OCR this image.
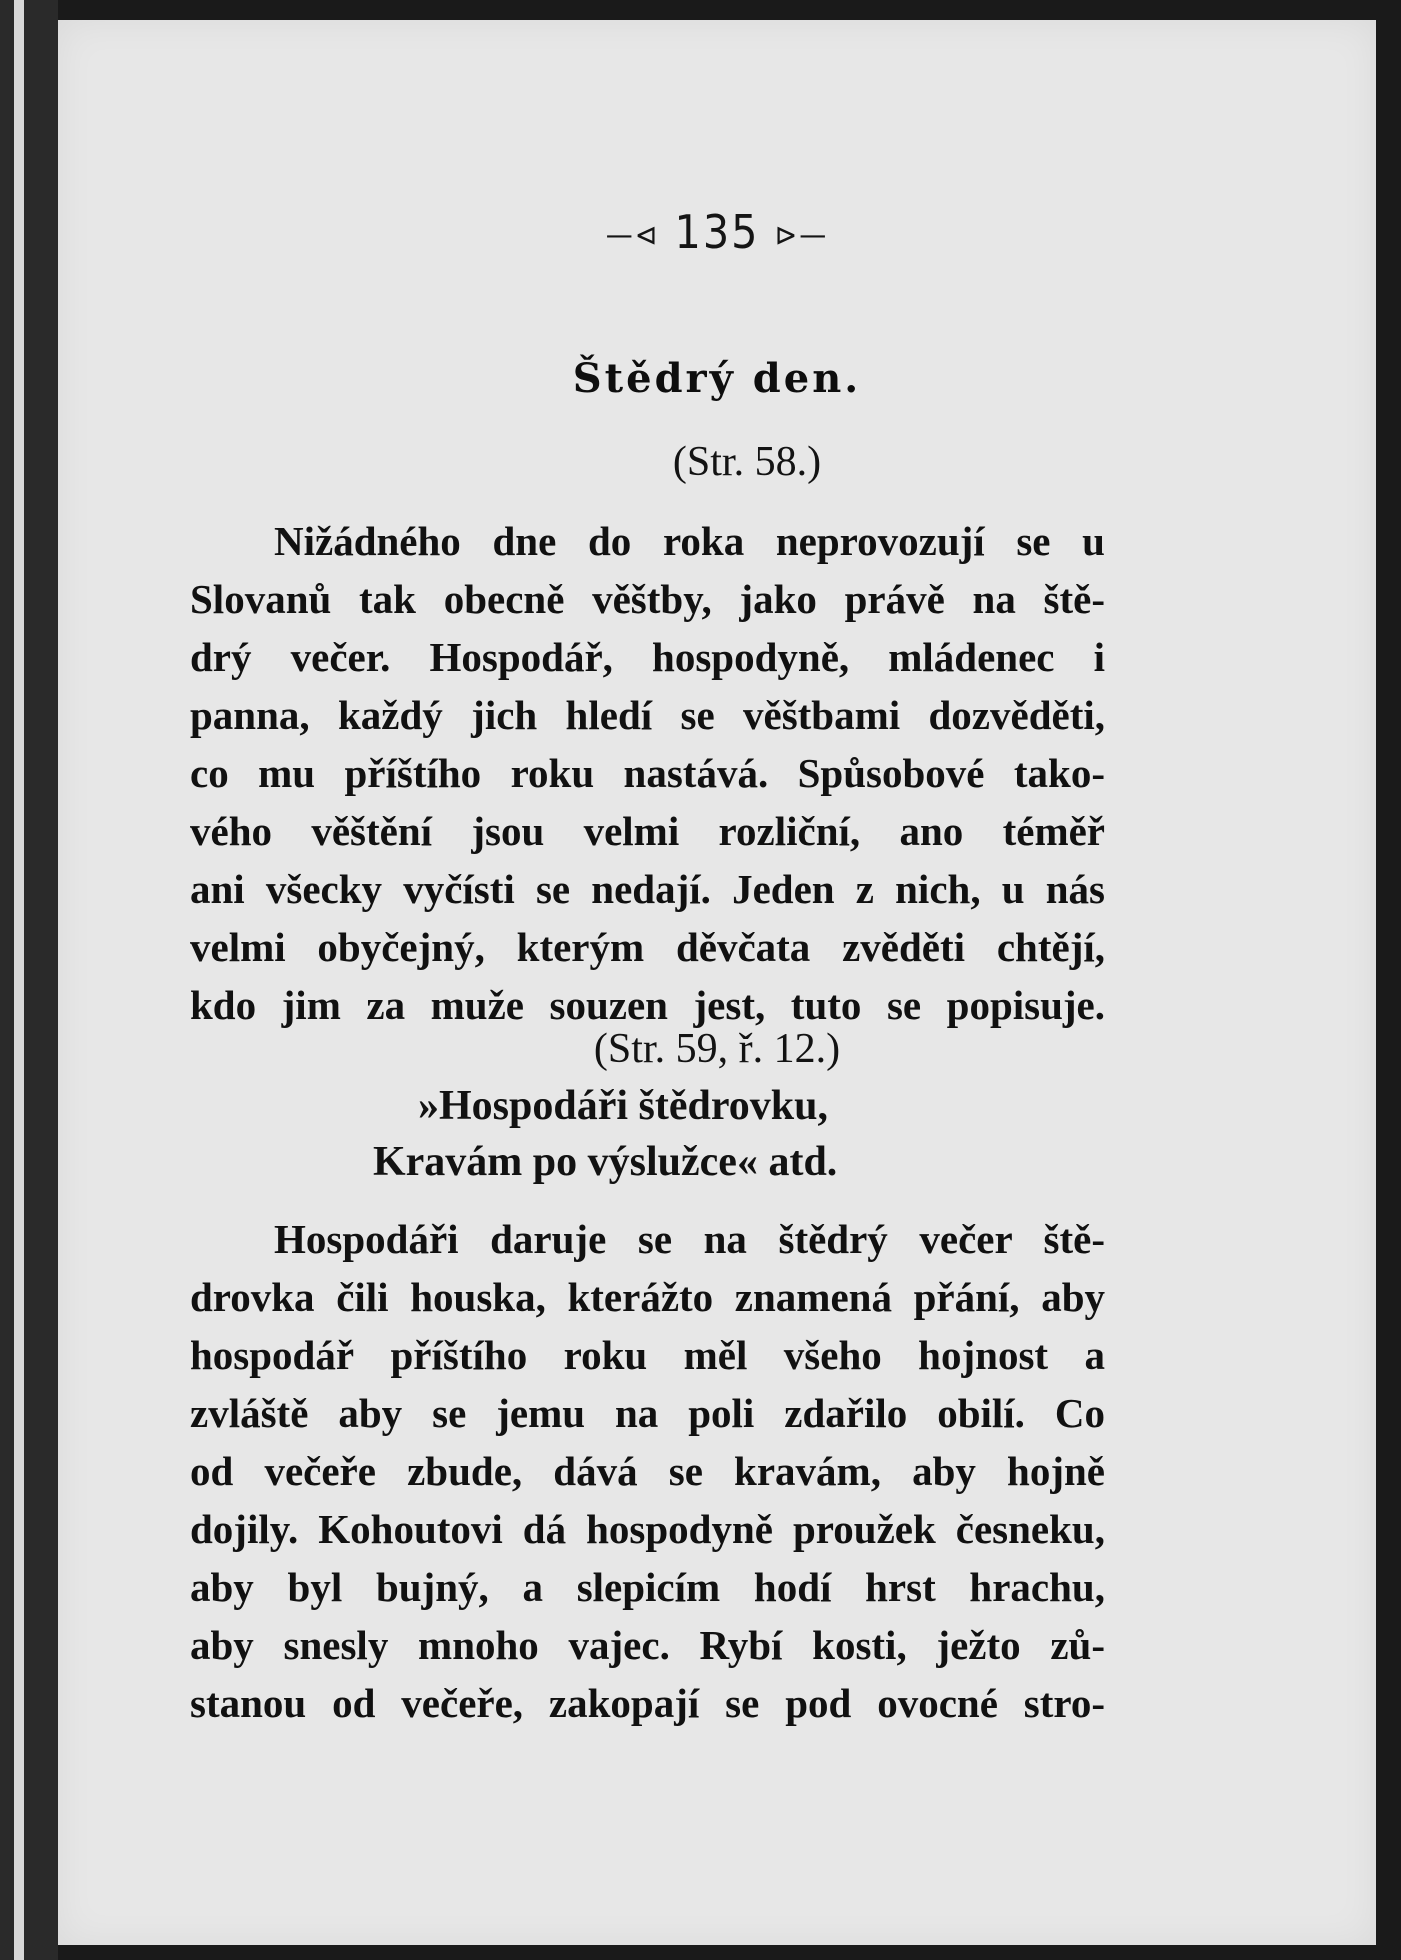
—⊲ 135 ⊳—
Štědrý den.
(Str. 58.)
Nižádného dne do roka neprovozují se u
Slovanů tak obecně věštby, jako právě na ště-
drý večer. Hospodář, hospodyně, mládenec i
panna, každý jich hledí se věštbami dozvěděti,
co mu příštího roku nastává. Spůsobové tako-
vého věštění jsou velmi rozliční, ano téměř
ani všecky vyčísti se nedají. Jeden z nich, u nás
velmi obyčejný, kterým děvčata zvěděti chtějí,
kdo jim za muže souzen jest, tuto se popisuje.
(Str. 59, ř. 12.)
»Hospodáři štědrovku,
Kravám po výslužce« atd.
Hospodáři daruje se na štědrý večer ště-
drovka čili houska, kterážto znamená přání, aby
hospodář příštího roku měl všeho hojnost a
zvláště aby se jemu na poli zdařilo obilí. Co
od večeře zbude, dává se kravám, aby hojně
dojily. Kohoutovi dá hospodyně proužek česneku,
aby byl bujný, a slepicím hodí hrst hrachu,
aby snesly mnoho vajec. Rybí kosti, ježto zů-
stanou od večeře, zakopají se pod ovocné stro-
